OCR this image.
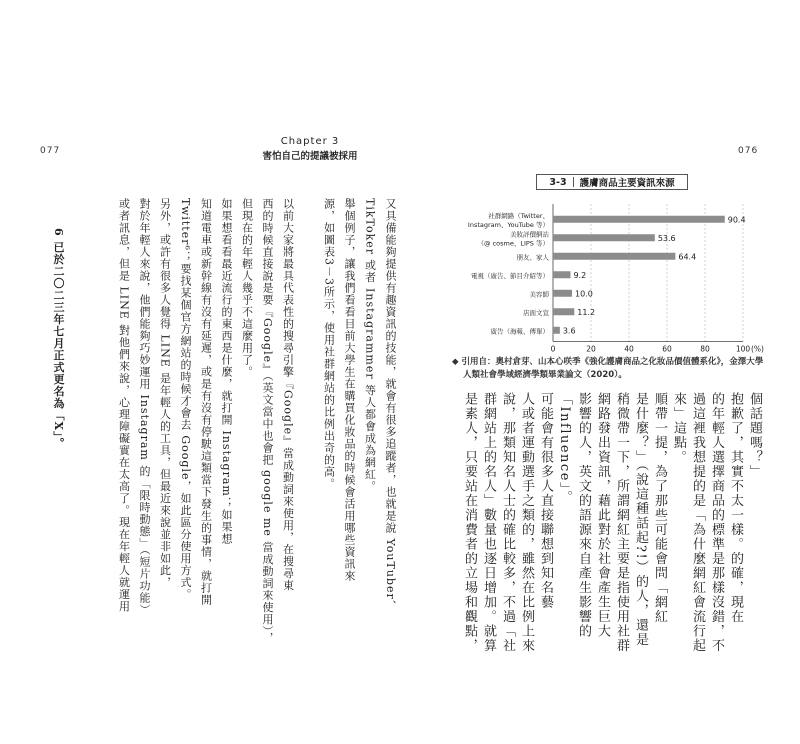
077
Chapter 3
害怕自己的提議被採用
又具備能夠提供有趣資訊的技能，就會有很多追蹤者，也就是說 YouTuber、
TikToker 或者 Instagrammer 等人都會成為網紅。
舉個例子，讓我們看看目前大學生在購買化妝品的時候會活用哪些資訊來
源，如圖表3－3所示，使用社群網站的比例出奇的高。
以前大家將最具代表性的搜尋引擎『Google』當成動詞來使用，在搜尋東
西的時候直接說是要『Google』（英文當中也會把 google me 當成動詞來使用），
但現在的年輕人幾乎不這麼用了。
如果想看看最近流行的東西是什麼，就打開 Instagram；如果想
知道電車或新幹線有沒有延遲，或是有沒有停駛這類當下發生的事情，就打開
Twitter⁶；要找某個官方網站的時候才會去 Google，如此區分使用方式。
另外，或許有很多人覺得 LINE 是年輕人的工具，但最近來說並非如此，
對於年輕人來說，他們能夠巧妙運用 Instagram 的「限時動態」（短片功能）
或者訊息，但是 LINE 對他們來說，心理障礙實在太高了。現在年輕人就運用
6 已於二〇二三年七月正式更名為「X」。
076
3-3 護膚商品主要資訊來源
90.4
社群網路（Twitter、
Instagram、YouTube 等）
53.6
美妝評價網站
（@ cosme、LIPS 等）
64.4
朋友、家人
9.2
電視（廣告、節目介紹等）
10.0
美容師
11.2
店面文宣
3.6
廣告（海報、傳單）
0	20	40	60	80	100 (%)
◆ 引用自：奧村倉芽、山本心咲季《強化護膚商品之化妝品價值體系化》，金澤大學
人類社會學域經濟學類畢業論文（2020）。
個話題嗎？」
抱歉了，其實不太一樣。的確，現在
的年輕人選擇商品的標準是那樣沒錯，不
過這裡我想提的是「為什麼網紅會流行起
來」這點。
順帶一提，為了那些可能會問「網紅
是什麼？」（說這種話起?!）的人，還是
稍微帶一下，所謂網紅主要是指使用社群
網路發出資訊，藉此對於社會產生巨大
影響的人，英文的語源來自產生影響的
「Influence」。
可能會有很多人直接聯想到知名藝
人或者運動選手之類的，雖然在比例上來
說，那類知名人士的確比較多，不過「社
群網站上的名人」數量也逐日增加。就算
是素人，只要站在消費者的立場和觀點，
